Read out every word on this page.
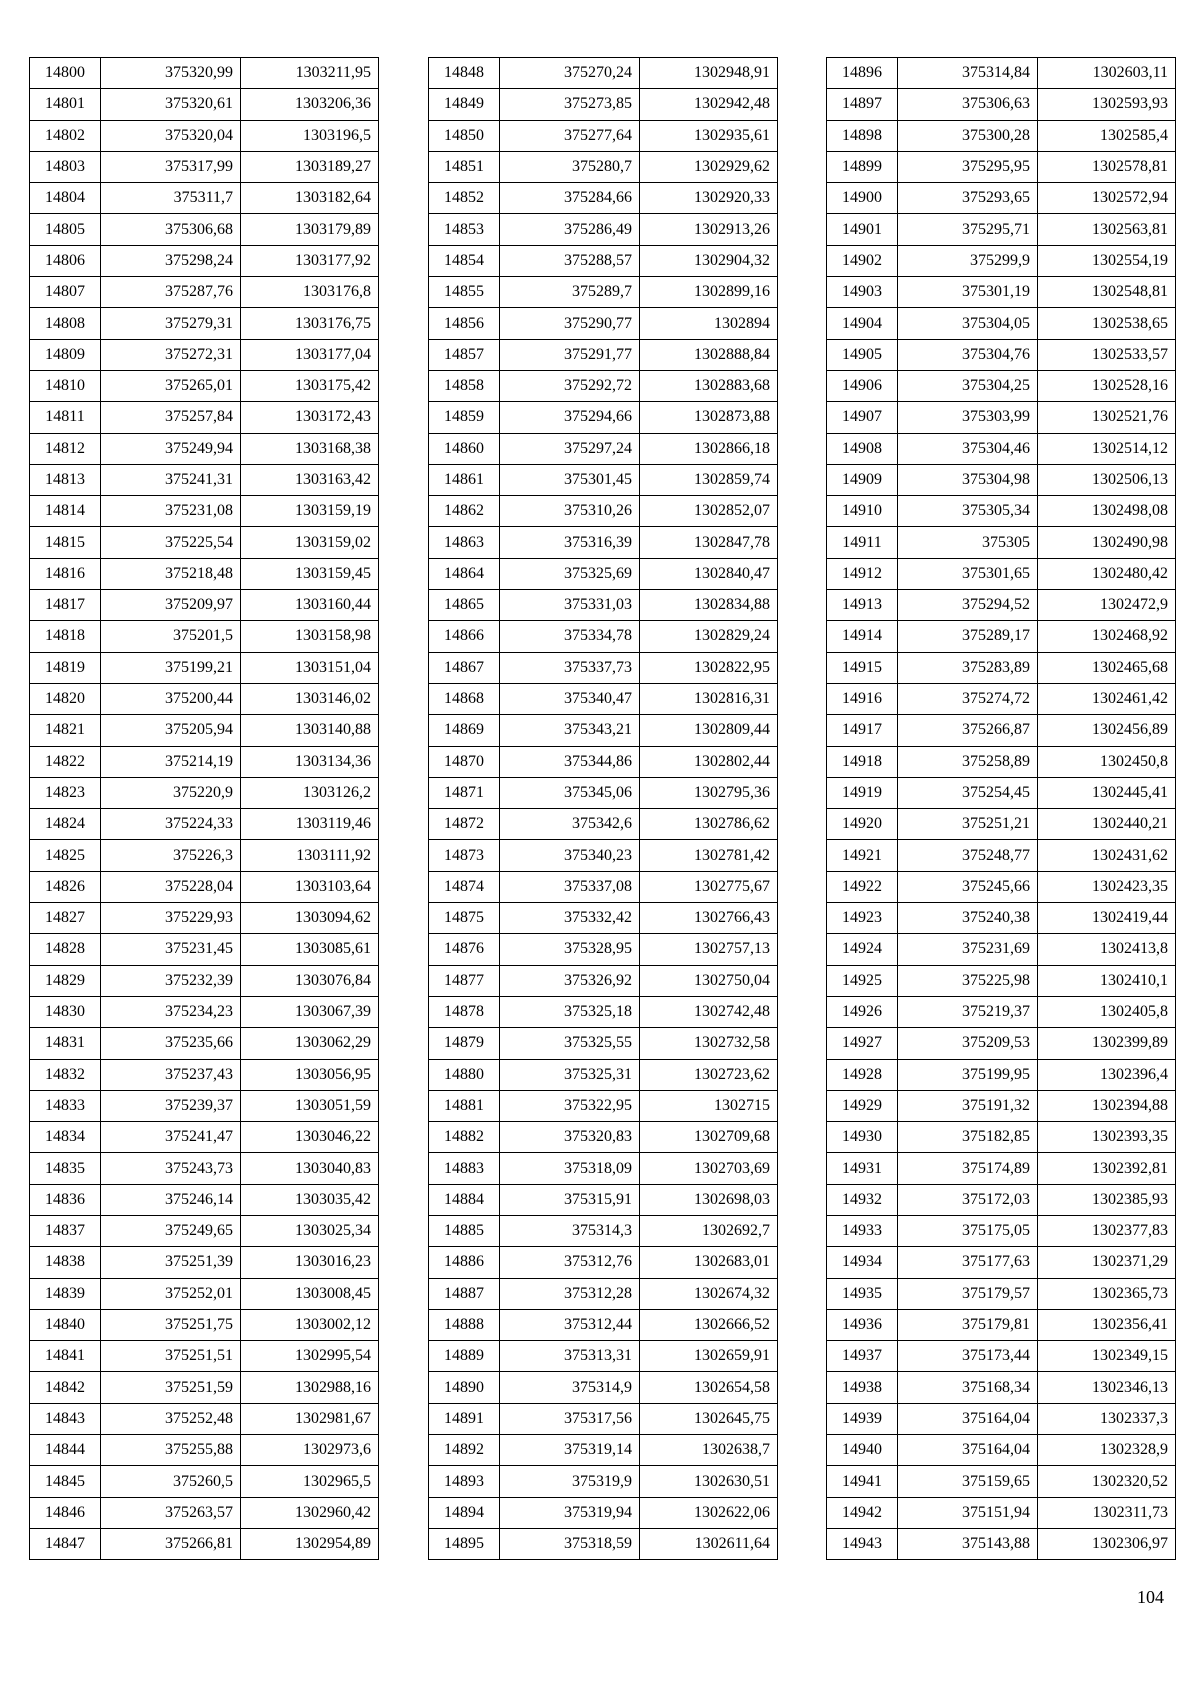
14800	375320,99	1303211,95
14801	375320,61	1303206,36
14802	375320,04	1303196,5
14803	375317,99	1303189,27
14804	375311,7	1303182,64
14805	375306,68	1303179,89
14806	375298,24	1303177,92
14807	375287,76	1303176,8
14808	375279,31	1303176,75
14809	375272,31	1303177,04
14810	375265,01	1303175,42
14811	375257,84	1303172,43
14812	375249,94	1303168,38
14813	375241,31	1303163,42
14814	375231,08	1303159,19
14815	375225,54	1303159,02
14816	375218,48	1303159,45
14817	375209,97	1303160,44
14818	375201,5	1303158,98
14819	375199,21	1303151,04
14820	375200,44	1303146,02
14821	375205,94	1303140,88
14822	375214,19	1303134,36
14823	375220,9	1303126,2
14824	375224,33	1303119,46
14825	375226,3	1303111,92
14826	375228,04	1303103,64
14827	375229,93	1303094,62
14828	375231,45	1303085,61
14829	375232,39	1303076,84
14830	375234,23	1303067,39
14831	375235,66	1303062,29
14832	375237,43	1303056,95
14833	375239,37	1303051,59
14834	375241,47	1303046,22
14835	375243,73	1303040,83
14836	375246,14	1303035,42
14837	375249,65	1303025,34
14838	375251,39	1303016,23
14839	375252,01	1303008,45
14840	375251,75	1303002,12
14841	375251,51	1302995,54
14842	375251,59	1302988,16
14843	375252,48	1302981,67
14844	375255,88	1302973,6
14845	375260,5	1302965,5
14846	375263,57	1302960,42
14847	375266,81	1302954,89
14848	375270,24	1302948,91
14849	375273,85	1302942,48
14850	375277,64	1302935,61
14851	375280,7	1302929,62
14852	375284,66	1302920,33
14853	375286,49	1302913,26
14854	375288,57	1302904,32
14855	375289,7	1302899,16
14856	375290,77	1302894
14857	375291,77	1302888,84
14858	375292,72	1302883,68
14859	375294,66	1302873,88
14860	375297,24	1302866,18
14861	375301,45	1302859,74
14862	375310,26	1302852,07
14863	375316,39	1302847,78
14864	375325,69	1302840,47
14865	375331,03	1302834,88
14866	375334,78	1302829,24
14867	375337,73	1302822,95
14868	375340,47	1302816,31
14869	375343,21	1302809,44
14870	375344,86	1302802,44
14871	375345,06	1302795,36
14872	375342,6	1302786,62
14873	375340,23	1302781,42
14874	375337,08	1302775,67
14875	375332,42	1302766,43
14876	375328,95	1302757,13
14877	375326,92	1302750,04
14878	375325,18	1302742,48
14879	375325,55	1302732,58
14880	375325,31	1302723,62
14881	375322,95	1302715
14882	375320,83	1302709,68
14883	375318,09	1302703,69
14884	375315,91	1302698,03
14885	375314,3	1302692,7
14886	375312,76	1302683,01
14887	375312,28	1302674,32
14888	375312,44	1302666,52
14889	375313,31	1302659,91
14890	375314,9	1302654,58
14891	375317,56	1302645,75
14892	375319,14	1302638,7
14893	375319,9	1302630,51
14894	375319,94	1302622,06
14895	375318,59	1302611,64
14896	375314,84	1302603,11
14897	375306,63	1302593,93
14898	375300,28	1302585,4
14899	375295,95	1302578,81
14900	375293,65	1302572,94
14901	375295,71	1302563,81
14902	375299,9	1302554,19
14903	375301,19	1302548,81
14904	375304,05	1302538,65
14905	375304,76	1302533,57
14906	375304,25	1302528,16
14907	375303,99	1302521,76
14908	375304,46	1302514,12
14909	375304,98	1302506,13
14910	375305,34	1302498,08
14911	375305	1302490,98
14912	375301,65	1302480,42
14913	375294,52	1302472,9
14914	375289,17	1302468,92
14915	375283,89	1302465,68
14916	375274,72	1302461,42
14917	375266,87	1302456,89
14918	375258,89	1302450,8
14919	375254,45	1302445,41
14920	375251,21	1302440,21
14921	375248,77	1302431,62
14922	375245,66	1302423,35
14923	375240,38	1302419,44
14924	375231,69	1302413,8
14925	375225,98	1302410,1
14926	375219,37	1302405,8
14927	375209,53	1302399,89
14928	375199,95	1302396,4
14929	375191,32	1302394,88
14930	375182,85	1302393,35
14931	375174,89	1302392,81
14932	375172,03	1302385,93
14933	375175,05	1302377,83
14934	375177,63	1302371,29
14935	375179,57	1302365,73
14936	375179,81	1302356,41
14937	375173,44	1302349,15
14938	375168,34	1302346,13
14939	375164,04	1302337,3
14940	375164,04	1302328,9
14941	375159,65	1302320,52
14942	375151,94	1302311,73
14943	375143,88	1302306,97
104
